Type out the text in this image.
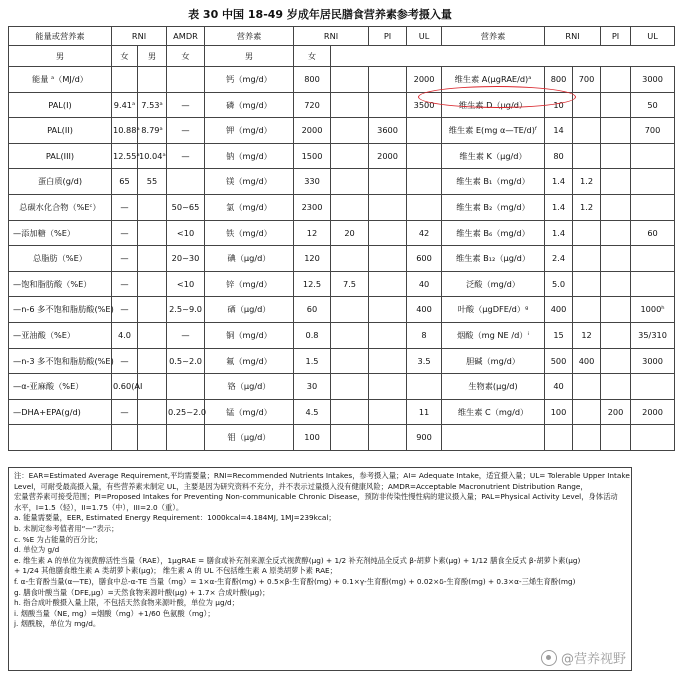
表 30 中国 18-49 岁成年居民膳食营养素参考摄入量
能量或营养素	RNI		AMDR	营养素	RNI		PI	UL	营养素	RNI		PI	UL
男	女	男	女	男	女								
能量 ᵃ（MJ/d）				钙（mg/d）	800			2000	维生素 A(μgRAE/d)ᵃ	800	700		3000
PAL(I)	9.41ᵃ	7.53ᵃ	—	磷（mg/d）	720			3500	维生素 D（μg/d）	10			50
PAL(II)	10.88ᵃ	8.79ᵃ	—	钾（mg/d）	2000		3600		维生素 E(mg α—TE/d)ᶠ	14			700
PAL(III)	12.55ᵃ	10.04ᵃ	—	钠（mg/d）	1500		2000		维生素 K（μg/d）	80			
蛋白质(g/d)	65	55		镁（mg/d）	330				维生素 B₁（mg/d）	1.4	1.2		
总碳水化合物（%Eᶜ）	—		50~65	氯（mg/d）	2300				维生素 B₂（mg/d）	1.4	1.2		
—添加糖（%E）	—		<10	铁（mg/d）	12	20		42	维生素 B₆（mg/d）	1.4			60
总脂肪（%E）	—		20~30	碘（μg/d）	120			600	维生素 B₁₂（μg/d）	2.4			
—饱和脂肪酸（%E）	—		<10	锌（mg/d）	12.5	7.5		40	泛酸（mg/d）	5.0			
—n-6 多不饱和脂肪酸(%E)	—		2.5~9.0	硒（μg/d）	60			400	叶酸（μgDFE/d）ᵍ	400			1000ʰ
—亚油酸（%E）	4.0		—	铜（mg/d）	0.8			8	烟酸（mg NE /d）ⁱ	15	12		35/310
—n-3 多不饱和脂肪酸(%E)	—		0.5~2.0	氟（mg/d）	1.5			3.5	胆碱（mg/d）	500	400		3000
—α-亚麻酸（%E）	0.60(AI			铬（μg/d）	30				生物素(μg/d)	40			
—DHA+EPA(g/d)	—		0.25~2.0	锰（mg/d）	4.5			11	维生素 C（mg/d）	100		200	2000
				钼（μg/d）	100			900					
注：EAR=Estimated Average Requirement,平均需要量；RNI=Recommended Nutrients Intakes，参考摄入量；AI= Adequate Intake，适宜摄入量；UL= Tolerable Upper Intake
Level，可耐受最高摄入量，有些营养素未制定 UL，主要是因为研究资料不充分，并不表示过量摄入没有健康风险；AMDR=Acceptable Macronutrient Distribution Range，
宏量营养素可接受范围；PI=Proposed Intakes for Preventing Non-communicable Chronic Disease，预防非传染性慢性病的建议摄入量；PAL=Physical Activity Level，身体活动
水平，I=1.5（轻），II=1.75（中），III=2.0（重）。
a. 能量需要量，EER, Estimated Energy Requirement：1000kcal=4.184MJ, 1MJ=239kcal；
b. 未制定参考值者用“—”表示；
c. %E 为占能量的百分比；
d. 单位为 g/d
e. 维生素 A 的单位为视黄醇活性当量（RAE），1μgRAE = 膳食或补充剂来源全反式视黄醇(μg) + 1/2 补充剂纯品全反式 β-胡萝卜素(μg) + 1/12 膳食全反式 β-胡萝卜素(μg)
+ 1/24 其他膳食维生素 A 类胡萝卜素(μg)； 维生素 A 的 UL 不包括维生素 A 原类胡萝卜素 RAE；
f. α-生育酚当量(α—TE)，膳食中总-α-TE 当量（mg）= 1×α-生育酚(mg) + 0.5×β-生育酚(mg) + 0.1×γ-生育酚(mg) + 0.02×δ-生育酚(mg) + 0.3×α-三烯生育酚(mg)
g. 膳食叶酸当量（DFE,μg）=天然食物来源叶酸(μg) + 1.7× 合成叶酸(μg)；
h. 指合成叶酸摄入量上限，不包括天然食物来源叶酸，单位为 μg/d；
i. 烟酸当量（NE, mg）=烟酸（mg）+1/60 色氨酸（mg）；
j. 烟酰胺，单位为 mg/d。
@营养视野
